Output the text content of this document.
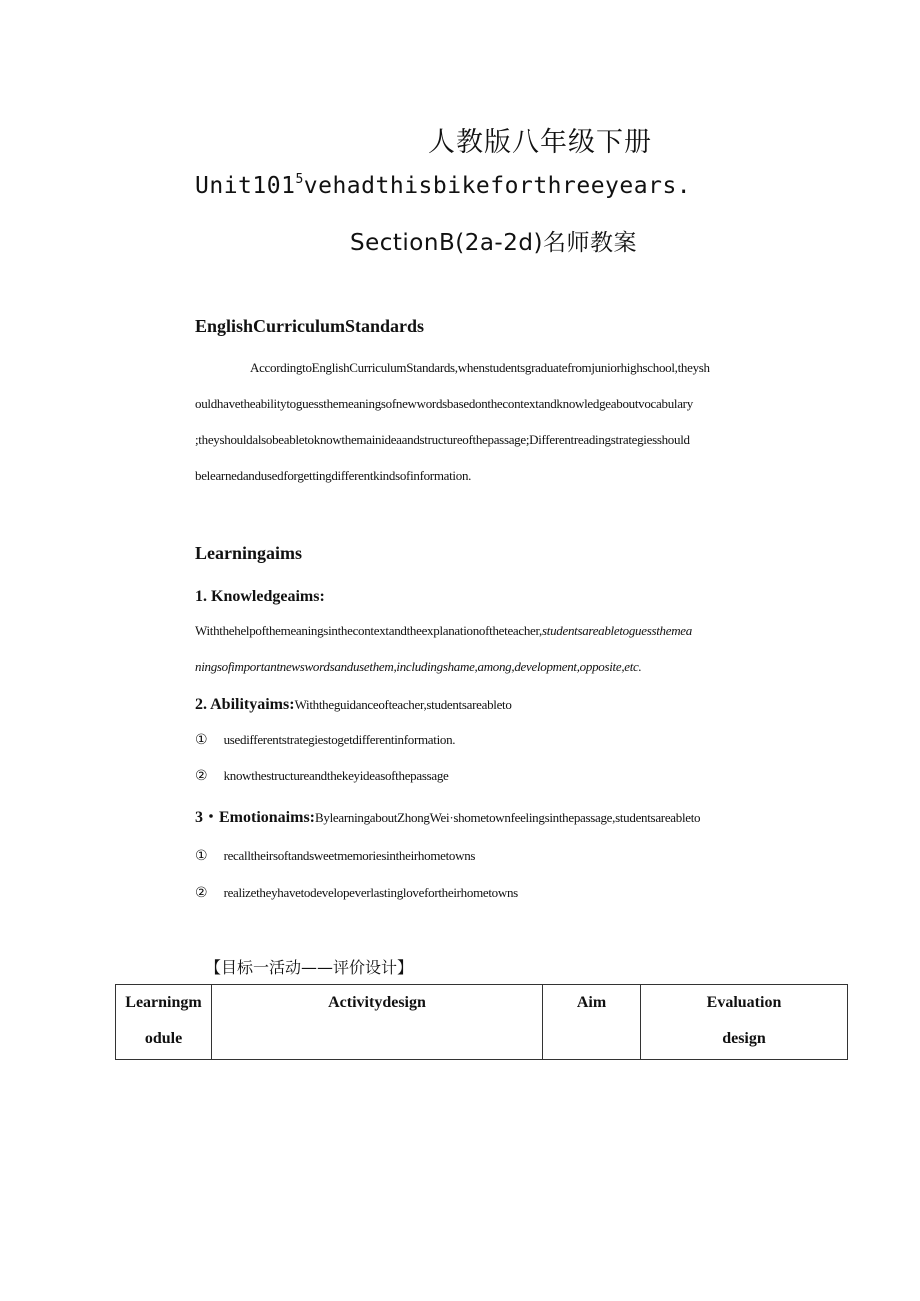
人教版八年级下册
$Unit101^5vehadthisbikeforthreeyears$.
SectionB(2a-2d)名师教案
EnglishCurriculumStandards
AccordingtoEnglishCurriculumStandards,whenstudentsgraduatefromjuniorhighschool,theysh
ouldhavetheabilitytoguessthemeaningsofnewwordsbasedonthecontextandknowledgeaboutvocabulary
;theyshouldalsobeabletoknowthemainideaandstructureofthepassage;Differentreadingstrategiesshould
belearnedandusedforgettingdifferentkindsofinformation.
Learningaims
1. Knowledgeaims:
Withthehelpofthemeaningsinthecontextandtheexplanationoftheteacher,studentsareabletoguessthemea
ningsofimportantnewswordsandusethem,includingshame,among,development,opposite,etc.
2. Abilityaims:Withtheguidanceofteacher,studentsareableto
① usedifferentstrategiestogetdifferentinformation.
② knowthestructureandthekeyideasofthepassage
3・Emotionaims:BylearningaboutZhongWei·shometownfeelingsinthepassage,studentsareableto
① recalltheirsoftandsweetmemoriesintheirhometowns
② realizetheyhavetodevelopeverlastinglovefortheirhometowns
【目标一活动——评价设计】
Learningm
odule	Activitydesign	Aim	Evaluation
design
